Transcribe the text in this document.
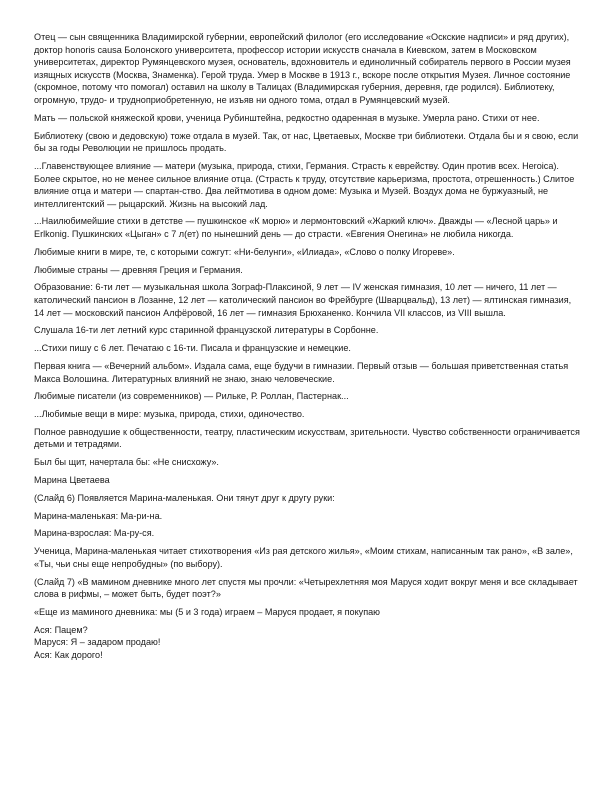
Отец — сын священника Владимирской губернии, европейский филолог (его исследование «Оскские надписи» и ряд других), доктор honoris causa Болонского университета, профессор истории искусств сначала в Киевском, затем в Московском университетах, директор Румянцевского музея, основатель, вдохновитель и единоличный собиратель первого в России музея изящных искусств (Москва, Знаменка). Герой труда. Умер в Москве в 1913 г., вскоре после открытия Музея. Личное состояние (скромное, потому что помогал) оставил на школу в Талицах (Владимирская губерния, деревня, где родился). Библиотеку, огромную, трудо- и трудноприобретенную, не изъяв ни одного тома, отдал в Румянцевский музей.

Мать — польской княжеской крови, ученица Рубинштейна, редкостно одаренная в музыке. Умерла рано. Стихи от нее.

Библиотеку (свою и дедовскую) тоже отдала в музей. Так, от нас, Цветаевых, Москве три библиотеки. Отдала бы и я свою, если бы за годы Революции не пришлось продать.

...Главенствующее влияние — матери (музыка, природа, стихи, Германия. Страсть к еврейству. Один против всех. Heroica). Более скрытое, но не менее сильное влияние отца. (Страсть к труду, отсутствие карьеризма, простота, отрешенность.) Слитое влияние отца и матери — спартан-ство. Два лейтмотива в одном доме: Музыка и Музей. Воздух дома не буржуазный, не интеллигентский — рыцарский. Жизнь на высокий лад.

...Наилюбимейшие стихи в детстве — пушкинское «К морю» и лермонтовский «Жаркий ключ». Дважды — «Лесной царь» и Erlkonig. Пушкинских «Цыган» с 7 л(ет) по нынешний день — до страсти. «Евгения Онегина» не любила никогда.

Любимые книги в мире, те, с которыми сожгут: «Ни-белунги», «Илиада», «Слово о полку Игореве».

Любимые страны — древняя Греция и Германия.

Образование: 6-ти лет — музыкальная школа Зограф-Плаксиной, 9 лет — IV женская гимназия, 10 лет — ничего, 11 лет — католический пансион в Лозанне, 12 лет — католический пансион во Фрейбурге (Шварцвальд), 13 лет) — ялтинская гимназия, 14 лет — московский пансион Алфёровой, 16 лет — гимназия Брюханенко. Кончила VII классов, из VIII вышла.

Слушала 16-ти лет летний курс старинной французской литературы в Сорбонне.

...Стихи пишу с 6 лет. Печатаю с 16-ти. Писала и французские и немецкие.

Первая книга — «Вечерний альбом». Издала сама, еще будучи в гимназии. Первый отзыв — большая приветственная статья Макса Волошина. Литературных влияний не знаю, знаю человеческие.

Любимые писатели (из современников) — Рильке, Р. Роллан, Пастернак...

...Любимые вещи в мире: музыка, природа, стихи, одиночество.

Полное равнодушие к общественности, театру, пластическим искусствам, зрительности. Чувство собственности ограничивается детьми и тетрадями.

Был бы щит, начертала бы: «Не снисхожу».

Марина Цветаева

(Слайд 6) Появляется Марина-маленькая. Они тянут друг к другу руки:

Марина-маленькая: Ма-ри-на.

Марина-взрослая: Ма-ру-ся.

Ученица, Марина-маленькая читает стихотворения «Из рая детского жилья», «Моим стихам, написанным так рано», «В зале», «Ты, чьи сны еще непробудны» (по выбору).

(Слайд 7) «В мамином дневнике много лет спустя мы прочли: «Четырехлетняя моя Маруся ходит вокруг меня и все складывает слова в рифмы, – может быть, будет поэт?»

«Еще из маминого дневника: мы (5 и 3 года) играем – Маруся продает, я покупаю

Ася: Пацем?

Маруся: Я – задаром продаю!

Ася: Как дорого!
